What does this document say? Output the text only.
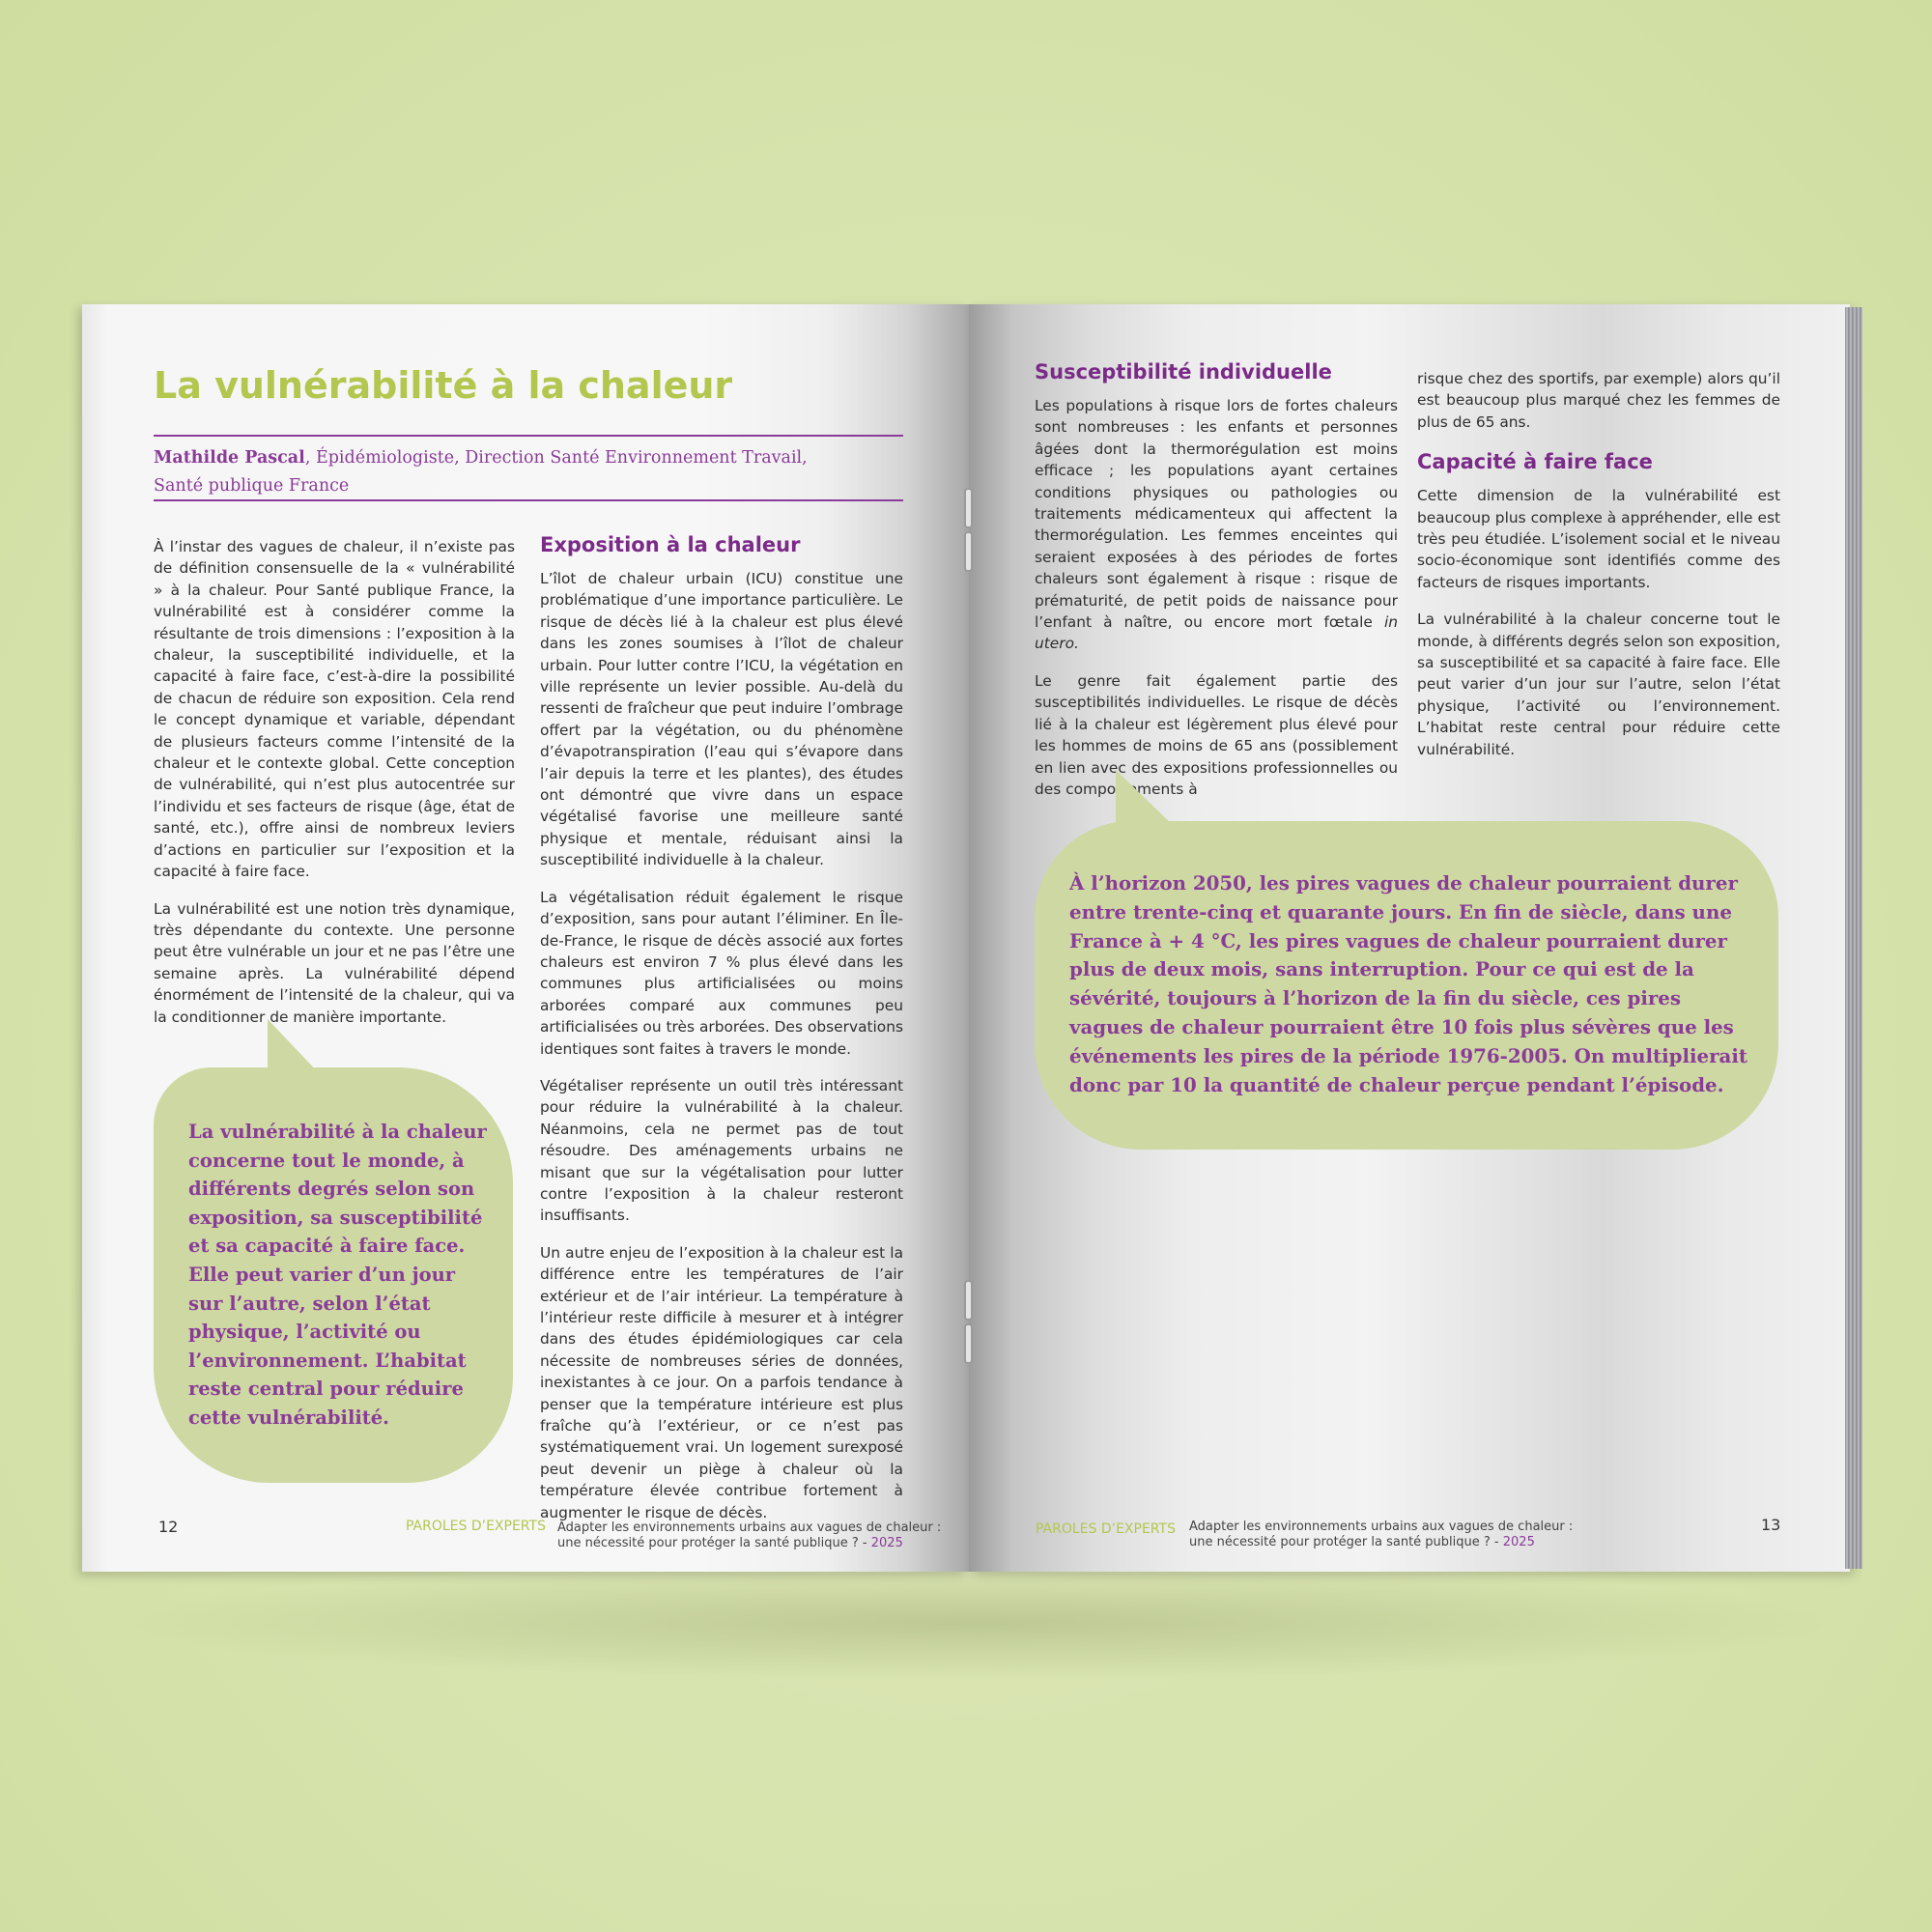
La vulnérabilité à la chaleur
Mathilde Pascal, Épidémiologiste, Direction Santé Environnement Travail,
Santé publique France

À l’instar des vagues de chaleur, il n’existe pas de définition consensuelle de la « vulnérabilité » à la chaleur. Pour Santé publique France, la vulnérabilité est à considérer comme la résultante de trois dimensions : l’exposition à la chaleur, la susceptibilité individuelle, et la capacité à faire face, c’est-à-dire la possibilité de chacun de réduire son exposition. Cela rend le concept dynamique et variable, dépendant de plusieurs facteurs comme l’intensité de la chaleur et le contexte global. Cette conception de vulnérabilité, qui n’est plus autocentrée sur l’individu et ses facteurs de risque (âge, état de santé, etc.), offre ainsi de nombreux leviers d’actions en particulier sur l’exposition et la capacité à faire face.

La vulnérabilité est une notion très dynamique, très dépendante du contexte. Une personne peut être vulnérable un jour et ne pas l’être une semaine après. La vulnérabilité dépend énormément de l’intensité de la chaleur, qui va la conditionner de manière importante.

La vulnérabilité à la chaleur concerne tout le monde, à différents degrés selon son exposition, sa susceptibilité et sa capacité à faire face. Elle peut varier d’un jour sur l’autre, selon l’état physique, l’activité ou l’environnement. L’habitat reste central pour réduire cette vulnérabilité.
Exposition à la chaleur

L’îlot de chaleur urbain (ICU) constitue une problématique d’une importance particulière. Le risque de décès lié à la chaleur est plus élevé dans les zones soumises à l’îlot de chaleur urbain. Pour lutter contre l’ICU, la végétation en ville représente un levier possible. Au-delà du ressenti de fraîcheur que peut induire l’ombrage offert par la végétation, ou du phénomène d’évapotranspiration (l’eau qui s’évapore dans l’air depuis la terre et les plantes), des études ont démontré que vivre dans un espace végétalisé favorise une meilleure santé physique et mentale, réduisant ainsi la susceptibilité individuelle à la chaleur.

La végétalisation réduit également le risque d’exposition, sans pour autant l’éliminer. En Île-de-France, le risque de décès associé aux fortes chaleurs est environ 7 % plus élevé dans les communes plus artificialisées ou moins arborées comparé aux communes peu artificialisées ou très arborées. Des observations identiques sont faites à travers le monde.

Végétaliser représente un outil très intéressant pour réduire la vulnérabilité à la chaleur. Néanmoins, cela ne permet pas de tout résoudre. Des aménagements urbains ne misant que sur la végétalisation pour lutter contre l’exposition à la chaleur resteront insuffisants.

Un autre enjeu de l’exposition à la chaleur est la différence entre les températures de l’air extérieur et de l’air intérieur. La température à l’intérieur reste difficile à mesurer et à intégrer dans des études épidémiologiques car cela nécessite de nombreuses séries de données, inexistantes à ce jour. On a parfois tendance à penser que la température intérieure est plus fraîche qu’à l’extérieur, or ce n’est pas systématiquement vrai. Un logement surexposé peut devenir un piège à chaleur où la température élevée contribue fortement à augmenter le risque de décès.

12	PAROLES D’EXPERTS Adapter les environnements urbains aux vagues de chaleur :
une nécessité pour protéger la santé publique ? - 2025
Susceptibilité individuelle

Les populations à risque lors de fortes chaleurs sont nombreuses : les enfants et personnes âgées dont la thermorégulation est moins efficace ; les populations ayant certaines conditions physiques ou pathologies ou traitements médicamenteux qui affectent la thermorégulation. Les femmes enceintes qui seraient exposées à des périodes de fortes chaleurs sont également à risque : risque de prématurité, de petit poids de naissance pour l’enfant à naître, ou encore mort fœtale in utero.

Le genre fait également partie des susceptibilités individuelles. Le risque de décès lié à la chaleur est légèrement plus élevé pour les hommes de moins de 65 ans (possiblement en lien avec des expositions professionnelles ou des comportements à

risque chez des sportifs, par exemple) alors qu’il est beaucoup plus marqué chez les femmes de plus de 65 ans.

Capacité à faire face

Cette dimension de la vulnérabilité est beaucoup plus complexe à appréhender, elle est très peu étudiée. L’isolement social et le niveau socio-économique sont identifiés comme des facteurs de risques importants.

La vulnérabilité à la chaleur concerne tout le monde, à différents degrés selon son exposition, sa susceptibilité et sa capacité à faire face. Elle peut varier d’un jour sur l’autre, selon l’état physique, l’activité ou l’environnement. L’habitat reste central pour réduire cette vulnérabilité.

À l’horizon 2050, les pires vagues de chaleur pourraient durer entre trente-cinq et quarante jours. En fin de siècle, dans une France à + 4 °C, les pires vagues de chaleur pourraient durer plus de deux mois, sans interruption. Pour ce qui est de la sévérité, toujours à l’horizon de la fin du siècle, ces pires vagues de chaleur pourraient être 10 fois plus sévères que les événements les pires de la période 1976-2005. On multiplierait donc par 10 la quantité de chaleur perçue pendant l’épisode.
PAROLES D’EXPERTS Adapter les environnements urbains aux vagues de chaleur :
une nécessité pour protéger la santé publique ? - 2025
13
